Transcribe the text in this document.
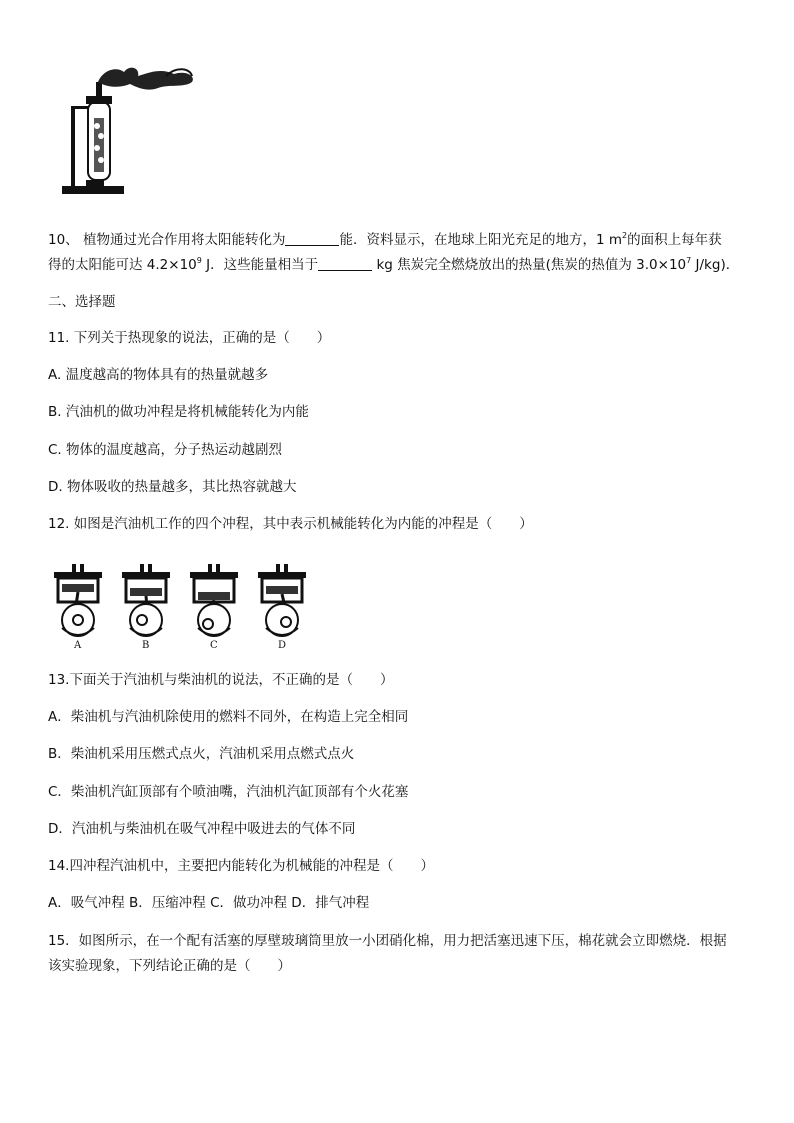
10、 植物通过光合作用将太阳能转化为	能．资料显示，在地球上阳光充足的地方，1 $m^2$的面积上每年获
得的太阳能可达 $4.2\times 10^9$ J．这些能量相当于	kg 焦炭完全燃烧放出的热量(焦炭的热值为 $3.0\times 10^7$ J/kg)．
二、选择题
11. 下列关于热现象的说法，正确的是（　　）
A. 温度越高的物体具有的热量就越多
B. 汽油机的做功冲程是将机械能转化为内能
C. 物体的温度越高，分子热运动越剧烈
D. 物体吸收的热量越多，其比热容就越大
12. 如图是汽油机工作的四个冲程，其中表示机械能转化为内能的冲程是（　　）
A	B	C	D
13.下面关于汽油机与柴油机的说法，不正确的是（　　）
A．柴油机与汽油机除使用的燃料不同外，在构造上完全相同
B．柴油机采用压燃式点火，汽油机采用点燃式点火
C．柴油机汽缸顶部有个喷油嘴，汽油机汽缸顶部有个火花塞
D．汽油机与柴油机在吸气冲程中吸进去的气体不同
14.四冲程汽油机中，主要把内能转化为机械能的冲程是（　　）
A．吸气冲程 B．压缩冲程 C．做功冲程 D．排气冲程
15．如图所示，在一个配有活塞的厚壁玻璃筒里放一小团硝化棉，用力把活塞迅速下压，棉花就会立即燃烧．根据
该实验现象，下列结论正确的是（　　）
